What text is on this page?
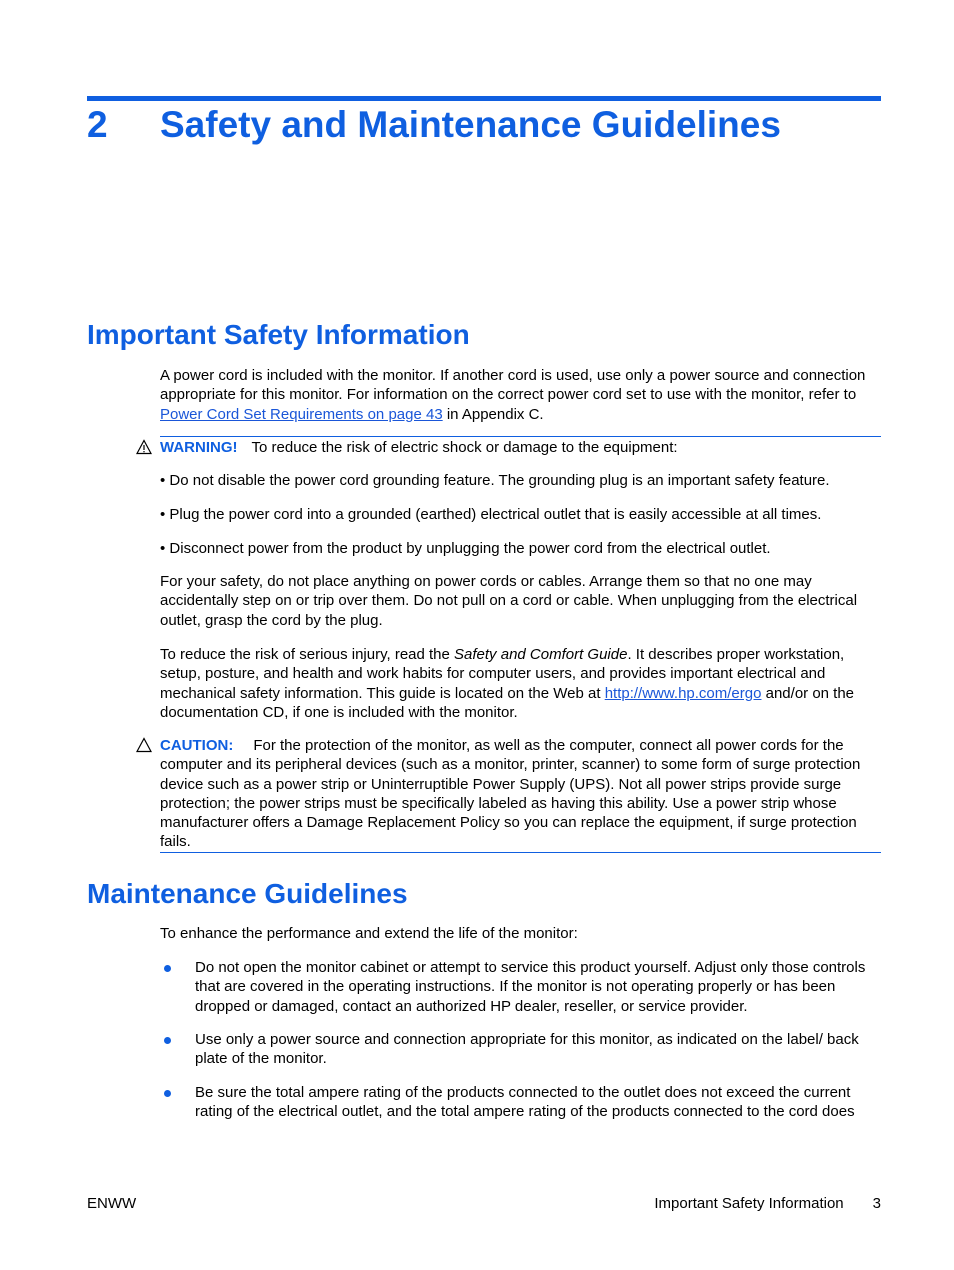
2 Safety and Maintenance Guidelines
Important Safety Information

A power cord is included with the monitor. If another cord is used, use only a power source and connection appropriate for this monitor. For information on the correct power cord set to use with the monitor, refer to Power Cord Set Requirements on page 43 in Appendix C.

WARNING! To reduce the risk of electric shock or damage to the equipment:

• Do not disable the power cord grounding feature. The grounding plug is an important safety feature.

• Plug the power cord into a grounded (earthed) electrical outlet that is easily accessible at all times.

• Disconnect power from the product by unplugging the power cord from the electrical outlet.

For your safety, do not place anything on power cords or cables. Arrange them so that no one may accidentally step on or trip over them. Do not pull on a cord or cable. When unplugging from the electrical outlet, grasp the cord by the plug.

To reduce the risk of serious injury, read the Safety and Comfort Guide. It describes proper workstation, setup, posture, and health and work habits for computer users, and provides important electrical and mechanical safety information. This guide is located on the Web at http://www.hp.com/ergo and/or on the documentation CD, if one is included with the monitor.

CAUTION: For the protection of the monitor, as well as the computer, connect all power cords for the computer and its peripheral devices (such as a monitor, printer, scanner) to some form of surge protection device such as a power strip or Uninterruptible Power Supply (UPS). Not all power strips provide surge protection; the power strips must be specifically labeled as having this ability. Use a power strip whose manufacturer offers a Damage Replacement Policy so you can replace the equipment, if surge protection fails.

Maintenance Guidelines

To enhance the performance and extend the life of the monitor:

Do not open the monitor cabinet or attempt to service this product yourself. Adjust only those controls that are covered in the operating instructions. If the monitor is not operating properly or has been dropped or damaged, contact an authorized HP dealer, reseller, or service provider.

Use only a power source and connection appropriate for this monitor, as indicated on the label/ back plate of the monitor.

Be sure the total ampere rating of the products connected to the outlet does not exceed the current rating of the electrical outlet, and the total ampere rating of the products connected to the cord does

ENWW	Important Safety Information 3
